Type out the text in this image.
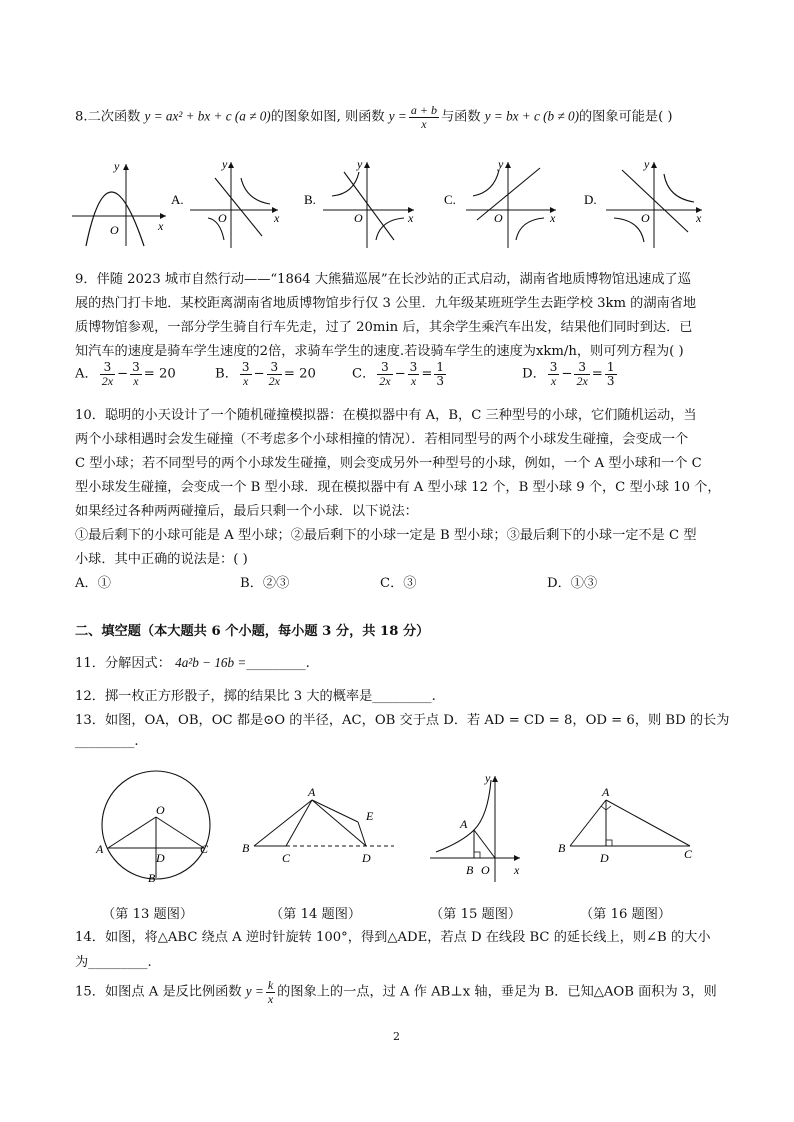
8.二次函数 y = ax² + bx + c (a ≠ 0)的图象如图, 则函数 $y = \frac{a + b}{x}$ 与函数 y = bx + c (b ≠ 0)的图象可能是( )
y
O	x
A.
y
O	x
B.
y
O	x
C.
y
O	x
D.
y
O	x
9．伴随 2023 城市自然行动——“1864 大熊猫巡展”在长沙站的正式启动，湖南省地质博物馆迅速成了巡
展的热门打卡地．某校距离湖南省地质博物馆步行仅 3 公里．九年级某班班学生去距学校 3km 的湖南省地
质博物馆参观，一部分学生骑自行车先走，过了 20min 后，其余学生乘汽车出发，结果他们同时到达．已
知汽车的速度是骑车学生速度的2倍，求骑车学生的速度.若设骑车学生的速度为xkm/h，则可列方程为( )
A． $\frac{3}{2x} - \frac{3}{x} = 20$	B． $\frac{3}{x} - \frac{3}{2x} = 20$	C． $\frac{3}{2x} - \frac{3}{x} = \frac{1}{3}$	D． $\frac{3}{x} - \frac{3}{2x} = \frac{1}{3}$
10．聪明的小天设计了一个随机碰撞模拟器：在模拟器中有 A，B，C 三种型号的小球，它们随机运动，当
两个小球相遇时会发生碰撞（不考虑多个小球相撞的情况）．若相同型号的两个小球发生碰撞，会变成一个
C 型小球；若不同型号的两个小球发生碰撞，则会变成另外一种型号的小球，例如，一个 A 型小球和一个 C
型小球发生碰撞，会变成一个 B 型小球．现在模拟器中有 A 型小球 12 个，B 型小球 9 个，C 型小球 10 个，
如果经过各种两两碰撞后，最后只剩一个小球．以下说法：
①最后剩下的小球可能是 A 型小球；②最后剩下的小球一定是 B 型小球；③最后剩下的小球一定不是 C 型
小球．其中正确的说法是：( )
A．①	B．②③	C．③	D．①③
二、填空题（本大题共 6 个小题，每小题 3 分，共 18 分）
11．分解因式： 4a²b − 16b =_________.
12．掷一枚正方形骰子，掷的结果比 3 大的概率是_________.
13．如图，OA，OB，OC 都是⊙O 的半径，AC，OB 交于点 D．若 AD = CD = 8，OD = 6，则 BD 的长为
_________.
O
A
D
C
B
A
E
B
C	D
y
A
B O x
A
B
D	C
（第 13 题图）	（第 14 题图）	（第 15 题图）	（第 16 题图）
14．如图，将△ABC 绕点 A 逆时针旋转 100°，得到△ADE，若点 D 在线段 BC 的延长线上，则∠B 的大小
为_________.
15．如图点 A 是反比例函数 $y = \frac{k}{x}$ 的图象上的一点，过 A 作 AB⊥x 轴，垂足为 B．已知△AOB 面积为 3，则
2
